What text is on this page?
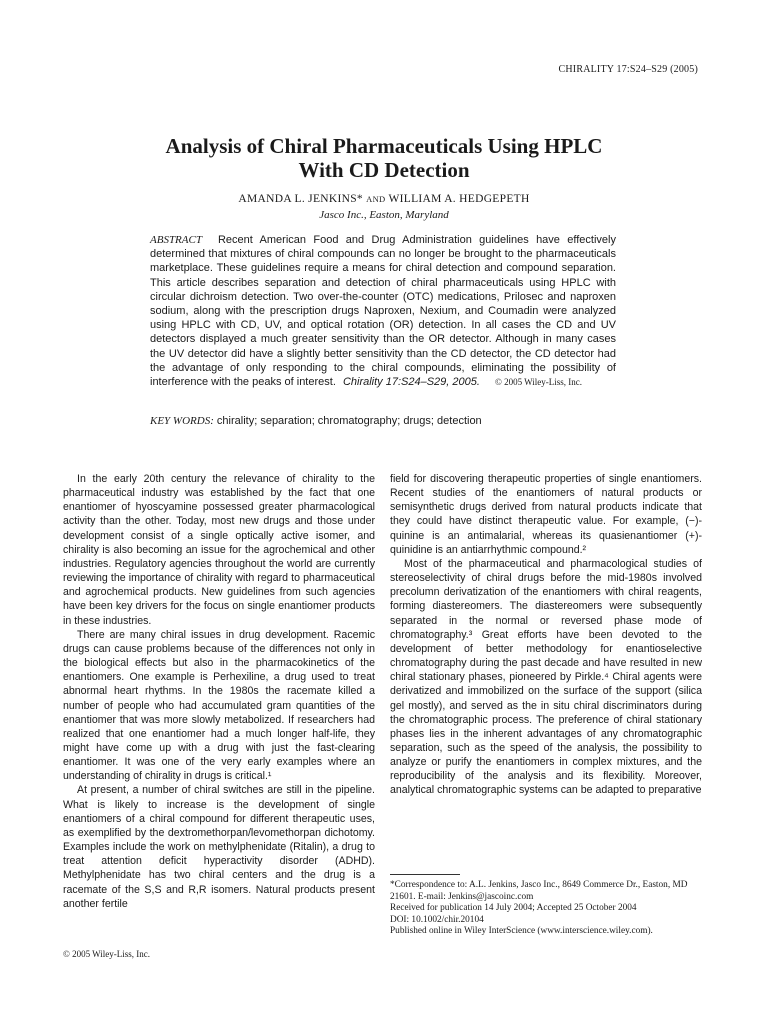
CHIRALITY 17:S24–S29 (2005)
Analysis of Chiral Pharmaceuticals Using HPLC
With CD Detection
AMANDA L. JENKINS* AND WILLIAM A. HEDGEPETH
Jasco Inc., Easton, Maryland

ABSTRACT Recent American Food and Drug Administration guidelines have effectively determined that mixtures of chiral compounds can no longer be brought to the pharmaceuticals marketplace. These guidelines require a means for chiral detection and compound separation. This article describes separation and detection of chiral pharmaceuticals using HPLC with circular dichroism detection. Two over-the-counter (OTC) medications, Prilosec and naproxen sodium, along with the prescription drugs Naproxen, Nexium, and Coumadin were analyzed using HPLC with CD, UV, and optical rotation (OR) detection. In all cases the CD and UV detectors displayed a much greater sensitivity than the OR detector. Although in many cases the UV detector did have a slightly better sensitivity than the CD detector, the CD detector had the advantage of only responding to the chiral compounds, eliminating the possibility of interference with the peaks of interest. Chirality 17:S24–S29, 2005. © 2005 Wiley-Liss, Inc.

KEY WORDS: chirality; separation; chromatography; drugs; detection

In the early 20th century the relevance of chirality to the pharmaceutical industry was established by the fact that one enantiomer of hyoscyamine possessed greater pharmacological activity than the other. Today, most new drugs and those under development consist of a single optically active isomer, and chirality is also becoming an issue for the agrochemical and other industries. Regulatory agencies throughout the world are currently reviewing the importance of chirality with regard to pharmaceutical and agrochemical products. New guidelines from such agencies have been key drivers for the focus on single enantiomer products in these industries.

There are many chiral issues in drug development. Racemic drugs can cause problems because of the differences not only in the biological effects but also in the pharmacokinetics of the enantiomers. One example is Perhexiline, a drug used to treat abnormal heart rhythms. In the 1980s the racemate killed a number of people who had accumulated gram quantities of the enantiomer that was more slowly metabolized. If researchers had realized that one enantiomer had a much longer half-life, they might have come up with a drug with just the fast-clearing enantiomer. It was one of the very early examples where an understanding of chirality in drugs is critical.¹

At present, a number of chiral switches are still in the pipeline. What is likely to increase is the development of single enantiomers of a chiral compound for different therapeutic uses, as exemplified by the dextromethorpan/levomethorpan dichotomy. Examples include the work on methylphenidate (Ritalin), a drug to treat attention deficit hyperactivity disorder (ADHD). Methylphenidate has two chiral centers and the drug is a racemate of the S,S and R,R isomers. Natural products present another fertile

field for discovering therapeutic properties of single enantiomers. Recent studies of the enantiomers of natural products or semisynthetic drugs derived from natural products indicate that they could have distinct therapeutic value. For example, (−)-quinine is an antimalarial, whereas its quasienantiomer (+)-quinidine is an antiarrhythmic compound.²

Most of the pharmaceutical and pharmacological studies of stereoselectivity of chiral drugs before the mid-1980s involved precolumn derivatization of the enantiomers with chiral reagents, forming diastereomers. The diastereomers were subsequently separated in the normal or reversed phase mode of chromatography.³ Great efforts have been devoted to the development of better methodology for enantioselective chromatography during the past decade and have resulted in new chiral stationary phases, pioneered by Pirkle.⁴ Chiral agents were derivatized and immobilized on the surface of the support (silica gel mostly), and served as the in situ chiral discriminators during the chromatographic process. The preference of chiral stationary phases lies in the inherent advantages of any chromatographic separation, such as the speed of the analysis, the possibility to analyze or purify the enantiomers in complex mixtures, and the reproducibility of the analysis and its flexibility. Moreover, analytical chromatographic systems can be adapted to preparative

© 2005 Wiley-Liss, Inc.
*Correspondence to: A.L. Jenkins, Jasco Inc., 8649 Commerce Dr., Easton, MD 21601. E-mail: Jenkins@jascoinc.com
Received for publication 14 July 2004; Accepted 25 October 2004
DOI: 10.1002/chir.20104
Published online in Wiley InterScience (www.interscience.wiley.com).
